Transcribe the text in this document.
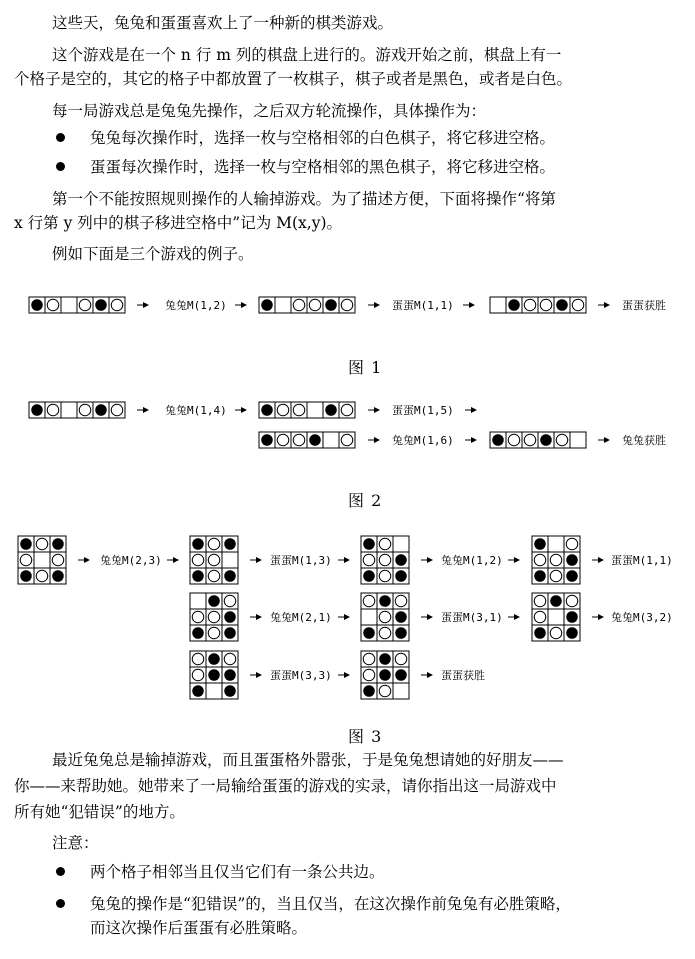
这些天，兔兔和蛋蛋喜欢上了一种新的棋类游戏。

这个游戏是在一个 n 行 m 列的棋盘上进行的。游戏开始之前，棋盘上有一

个格子是空的，其它的格子中都放置了一枚棋子，棋子或者是黑色，或者是白色。

每一局游戏总是兔兔先操作，之后双方轮流操作，具体操作为：

兔兔每次操作时，选择一枚与空格相邻的白色棋子，将它移进空格。

蛋蛋每次操作时，选择一枚与空格相邻的黑色棋子，将它移进空格。

第一个不能按照规则操作的人输掉游戏。为了描述方便，下面将操作“将第

x 行第 y 列中的棋子移进空格中”记为 M(x,y)。

例如下面是三个游戏的例子。

兔兔M(1,2)	蛋蛋M(1,1)	蛋蛋获胜
图 1
兔兔M(1,4)	蛋蛋M(1,5)
兔兔M(1,6)	兔兔获胜
图 2
兔兔M(2,3)	蛋蛋M(1,3)	兔兔M(1,2)	蛋蛋M(1,1)
兔兔M(2,1)	蛋蛋M(3,1)	兔兔M(3,2)
蛋蛋M(3,3)	蛋蛋获胜
图 3

最近兔兔总是输掉游戏，而且蛋蛋格外嚣张，于是兔兔想请她的好朋友——

你——来帮助她。她带来了一局输给蛋蛋的游戏的实录，请你指出这一局游戏中

所有她“犯错误”的地方。

注意：

两个格子相邻当且仅当它们有一条公共边。

兔兔的操作是“犯错误”的，当且仅当，在这次操作前兔兔有必胜策略，

而这次操作后蛋蛋有必胜策略。
